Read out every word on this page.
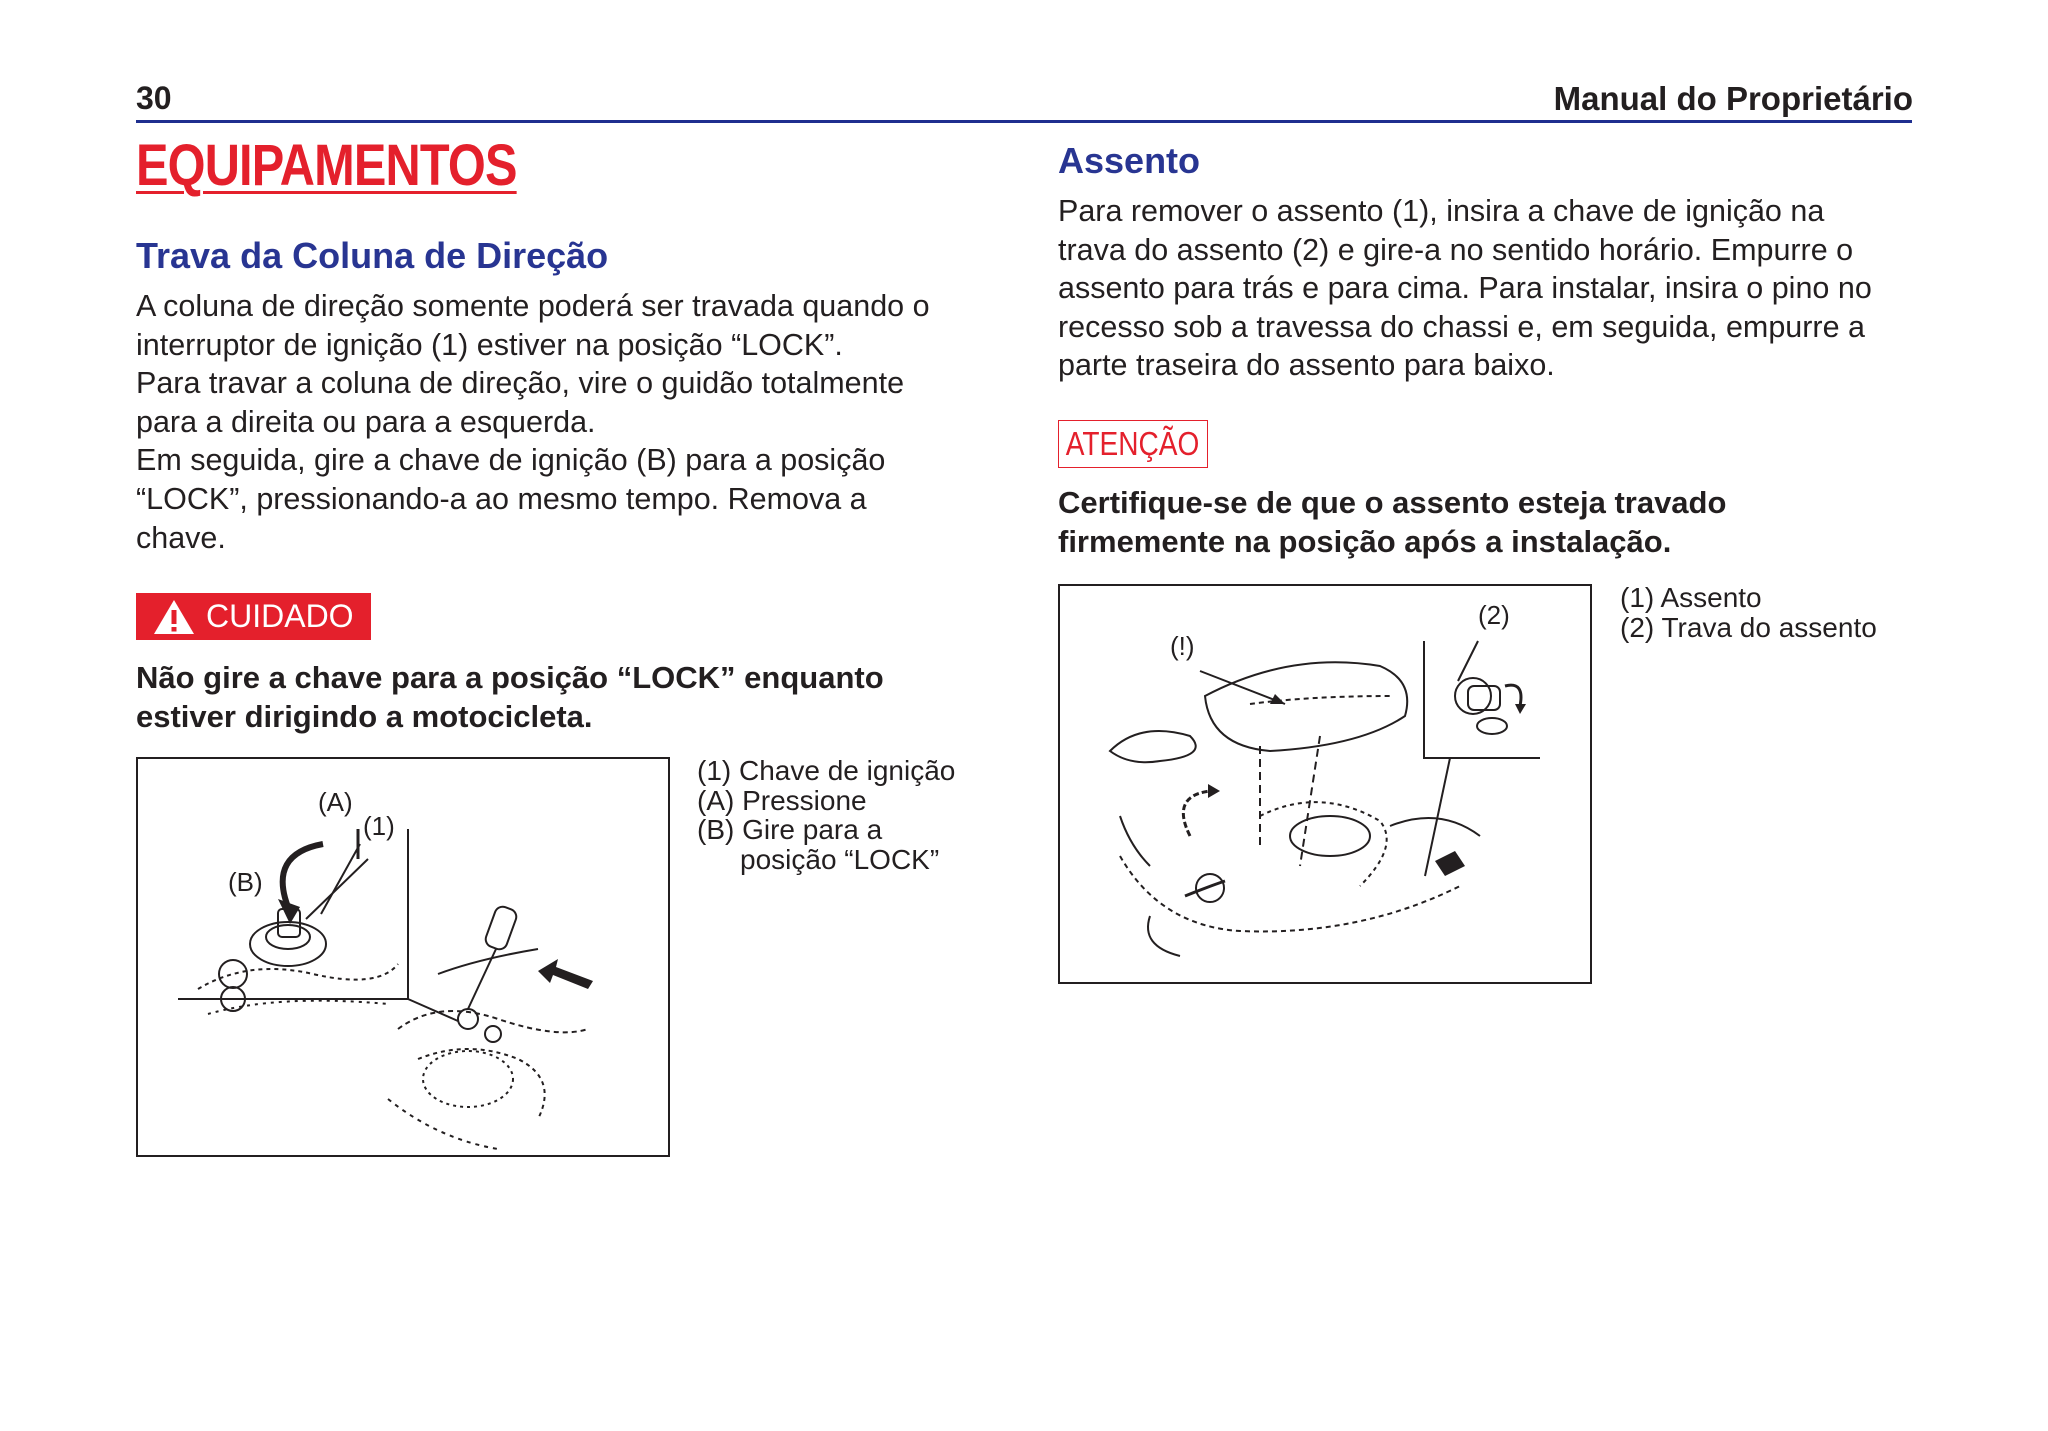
30	Manual do Proprietário
EQUIPAMENTOS
Trava da Coluna de Direção
A coluna de direção somente poderá ser travada quando o
interruptor de ignição (1) estiver na posição “LOCK”.
Para travar a coluna de direção, vire o guidão totalmente
para a direita ou para a esquerda.
Em seguida, gire a chave de ignição (B) para a posição
“LOCK”, pressionando-a ao mesmo tempo. Remova a
chave.
CUIDADO
Não gire a chave para a posição “LOCK” enquanto
estiver dirigindo a motocicleta.
(A)
(1)
(B)
(1) Chave de ignição
(A) Pressione
(B) Gire para a
posição “LOCK”
Assento
Para remover o assento (1), insira a chave de ignição na
trava do assento (2) e gire-a no sentido horário. Empurre o
assento para trás e para cima. Para instalar, insira o pino no
recesso sob a travessa do chassi e, em seguida, empurre a
parte traseira do assento para baixo.
ATENÇÃO
Certifique-se de que o assento esteja travado
firmemente na posição após a instalação.
(2)
(!)
(1) Assento
(2) Trava do assento
